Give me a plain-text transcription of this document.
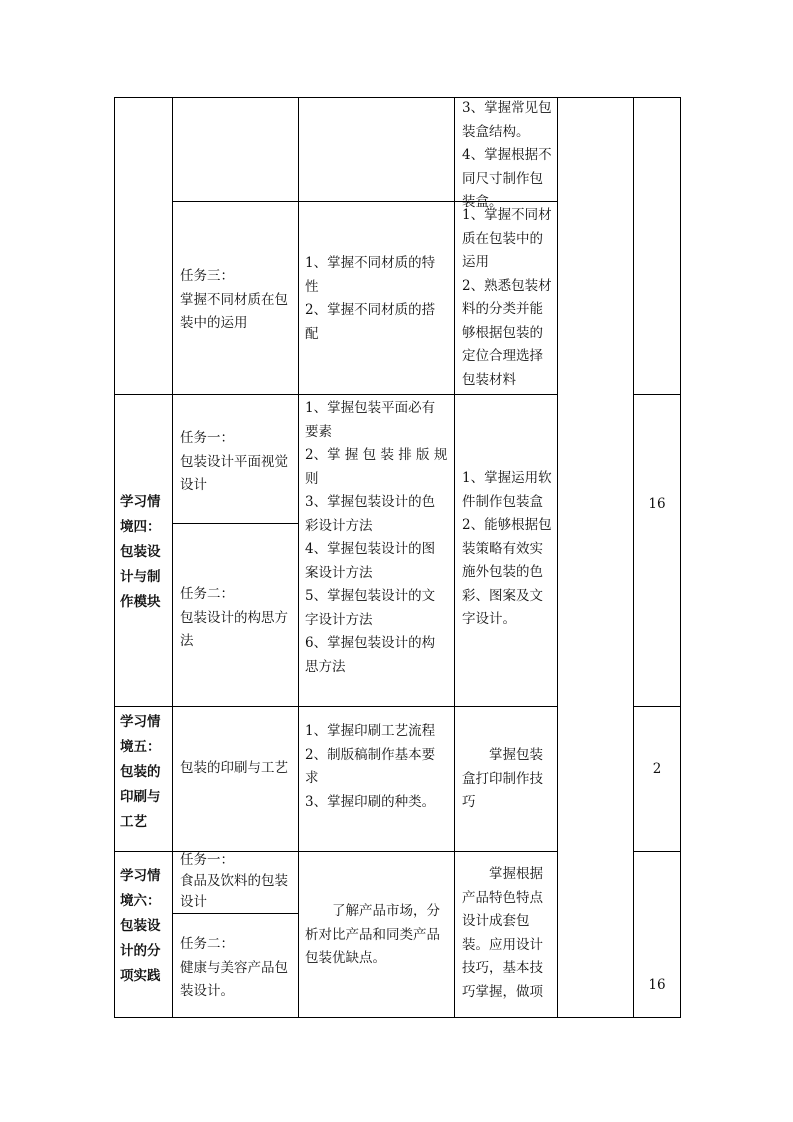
3、掌握常见包
装盒结构。
4、掌握根据不
同尺寸制作包
装盒。
任务三：
掌握不同材质在包
装中的运用
1、掌握不同材质的特
性
2、掌握不同材质的搭
配
1、掌握不同材
质在包装中的
运用
2、熟悉包装材
料的分类并能
够根据包装的
定位合理选择
包装材料
学习情
境四：
包装设
计与制
作模块
任务一：
包装设计平面视觉
设计
任务二：
包装设计的构思方
法
1、掌握包装平面必有
要素
2、掌 握 包 装 排 版 规
则
3、掌握包装设计的色
彩设计方法
4、掌握包装设计的图
案设计方法
5、掌握包装设计的文
字设计方法
6、掌握包装设计的构
思方法
1、掌握运用软
件制作包装盒
2、能够根据包
装策略有效实
施外包装的色
彩、图案及文
字设计。
16
学习情
境五：
包装的
印刷与
工艺
包装的印刷与工艺
1、掌握印刷工艺流程
2、制版稿制作基本要
求
3、掌握印刷的种类。
　　掌握包装
盒打印制作技
巧
2
学习情
境六：
包装设
计的分
项实践
任务一：
食品及饮料的包装
设计
任务二：
健康与美容产品包
装设计。
　　了解产品市场，分
析对比产品和同类产品
包装优缺点。
　　掌握根据
产品特色特点
设计成套包
装。应用设计
技巧，基本技
巧掌握，做项	16
